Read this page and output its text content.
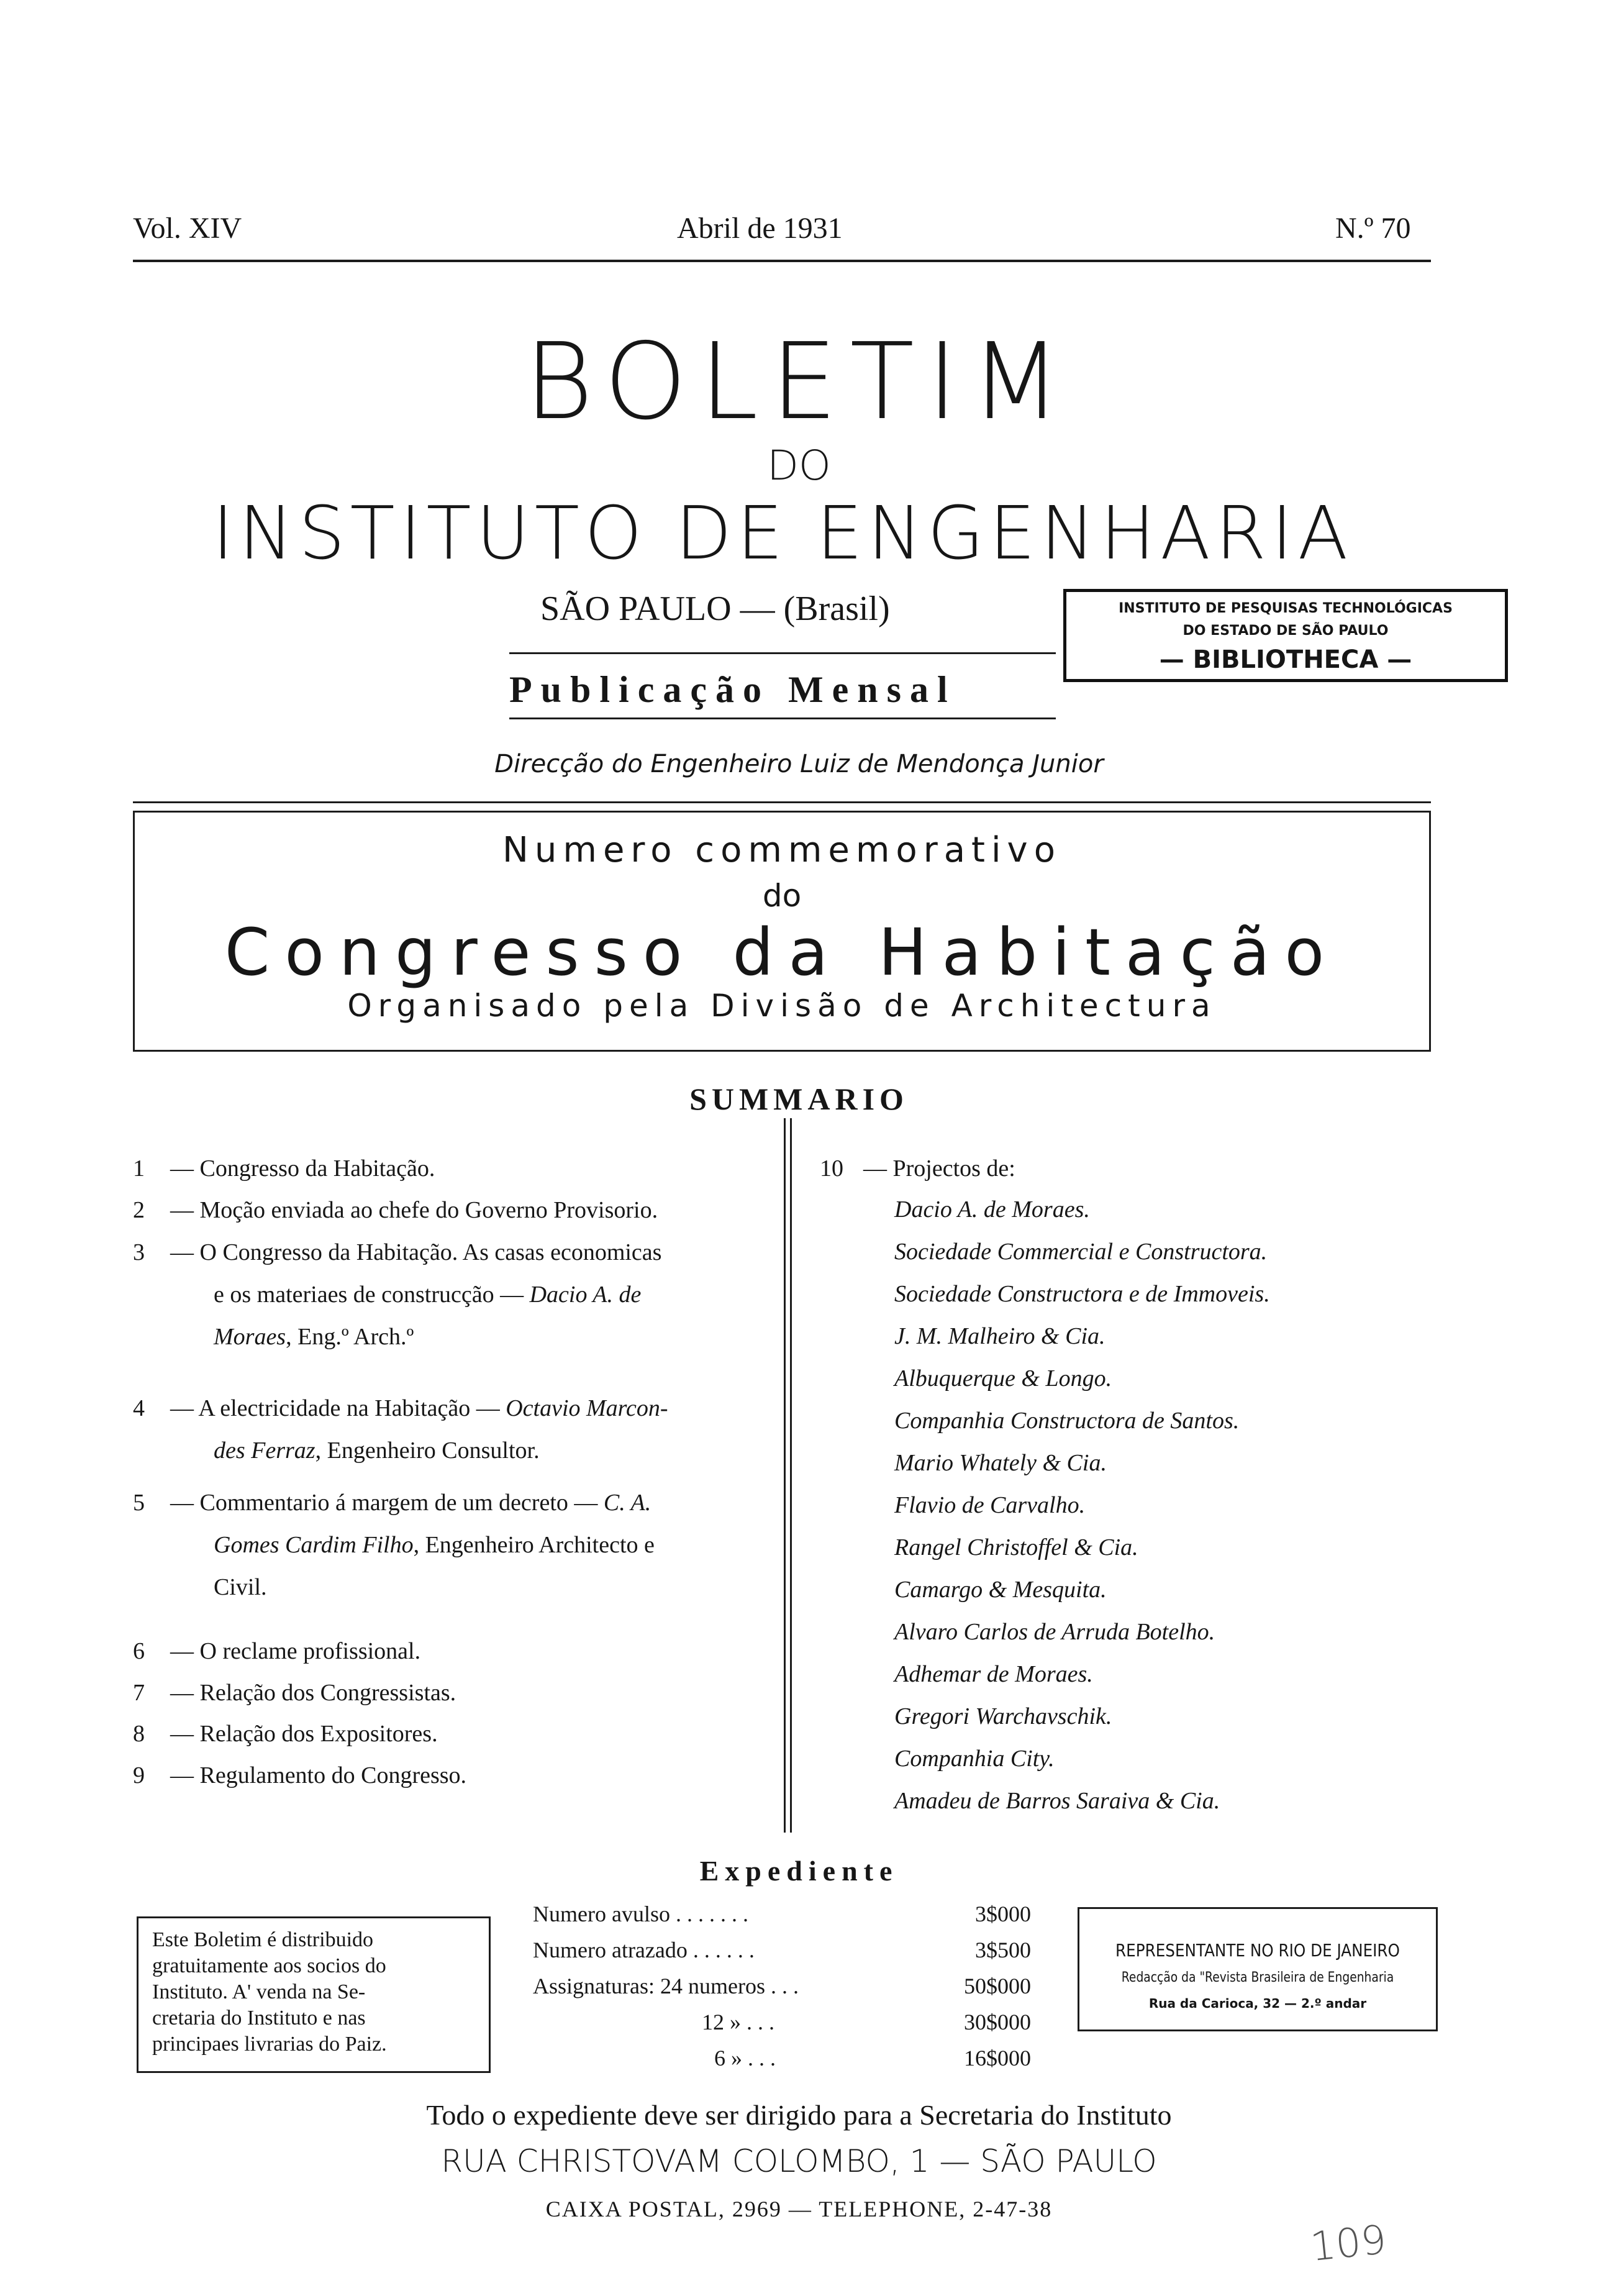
Vol. XIV	Abril de 1931	N.º 70
BOLETIM
DO
INSTITUTO DE ENGENHARIA
SÃO PAULO — (Brasil)
Publicação Mensal
INSTITUTO DE PESQUISAS TECHNOLÓGICAS
DO ESTADO DE SÃO PAULO
— BIBLIOTHECA —
Direcção do Engenheiro Luiz de Mendonça Junior
Numero commemorativo
do
Congresso da Habitação
Organisado pela Divisão de Architectura
SUMMARIO
1 — Congresso da Habitação.
2 — Moção enviada ao chefe do Governo Provisorio.
3 — O Congresso da Habitação. As casas economicas
e os materiaes de construcção — Dacio A. de
Moraes, Eng.º Arch.º
4 — A electricidade na Habitação — Octavio Marcon-
des Ferraz, Engenheiro Consultor.
5 — Commentario á margem de um decreto — C. A.
Gomes Cardim Filho, Engenheiro Architecto e
Civil.
6 — O reclame profissional.
7 — Relação dos Congressistas.
8 — Relação dos Expositores.
9 — Regulamento do Congresso.
10 — Projectos de:
Dacio A. de Moraes.
Sociedade Commercial e Constructora.
Sociedade Constructora e de Immoveis.
J. M. Malheiro & Cia.
Albuquerque & Longo.
Companhia Constructora de Santos.
Mario Whately & Cia.
Flavio de Carvalho.
Rangel Christoffel & Cia.
Camargo & Mesquita.
Alvaro Carlos de Arruda Botelho.
Adhemar de Moraes.
Gregori Warchavschik.
Companhia City.
Amadeu de Barros Saraiva & Cia.
Expediente
Este Boletim é distribuido
gratuitamente aos socios do
Instituto. A' venda na Se-
cretaria do Instituto e nas
principaes livrarias do Paiz.
Numero avulso . . . . . . .	3$000
Numero atrazado . . . . . .	3$500
Assignaturas: 24 numeros . . .	50$000
12 » . . .	30$000
6 » . . .	16$000
REPRESENTANTE NO RIO DE JANEIRO
Redacção da "Revista Brasileira de Engenharia
Rua da Carioca, 32 — 2.º andar
Todo o expediente deve ser dirigido para a Secretaria do Instituto
RUA CHRISTOVAM COLOMBO, 1 — SÃO PAULO
CAIXA POSTAL, 2969 — TELEPHONE, 2-47-38
109
